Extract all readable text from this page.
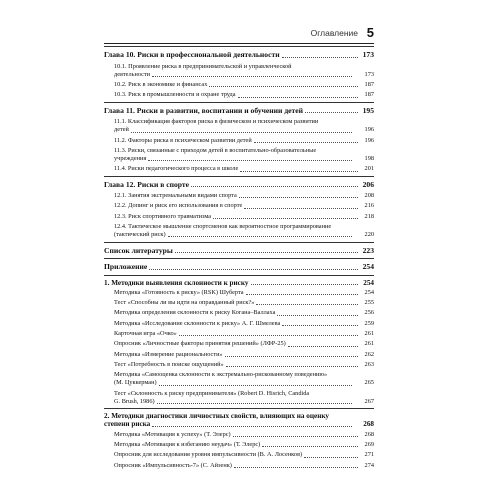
Оглавление 5
Глава 10. Риски в профессиональной деятельности	173
10.1. Проявление риска в предпринимательской и управленческой
деятельности	173
10.2. Риск в экономике и финансах	187
10.3. Риск в промышленности и охране труда	187
Глава 11. Риски в развитии, воспитании и обучении детей	195
11.1. Классификация факторов риска в физическом и психическом развитии
детей	196
11.2. Факторы риска в психическом развитии детей	196
11.3. Риски, связанные с приходом детей в воспитательно-образовательные
учреждения	198
11.4. Риски педагогического процесса в школе	201
Глава 12. Риски в спорте	206
12.1. Занятия экстремальными видами спорта	208
12.2. Допинг и риск его использования в спорте	216
12.3. Риск спортивного травматизма	218
12.4. Тактическое мышление спортсменов как вероятностное программирование
(тактический риск)	220
Список литературы	223
Приложение	254
1. Методики выявления склонности к риску	254
Методика «Готовность к риску» (RSK) Шуберта	254
Тест «Способны ли вы идти на оправданный риск?»	255
Методика определения склонности к риску Когана–Валлаха	256
Методика «Исследование склонности к риску» А. Г. Шмелева	259
Карточная игра «Очко»	261
Опросник «Личностные факторы принятия решений» (ЛФР-25)	261
Методика «Измерение рациональности»	262
Тест «Потребность в поиске ощущений»	263
Методика «Самооценка склонности к экстремально-рискованному поведению»
(М. Цуккерман)	265
Тест «Склонность к риску предпринимателя» (Robert D. Hisrich, Candida
G. Brush, 1986)	267
2. Методики диагностики личностных свойств, влияющих на оценку
степени риска	268
Методика «Мотивация к успеху» (Т. Элерс)	268
Методика «Мотивация к избеганию неудач» (Т. Элерс)	269
Опросник для исследования уровня импульсивности (В. А. Лосенков)	271
Опросник «Импульсивность-7» (С. Айзенк)	274
